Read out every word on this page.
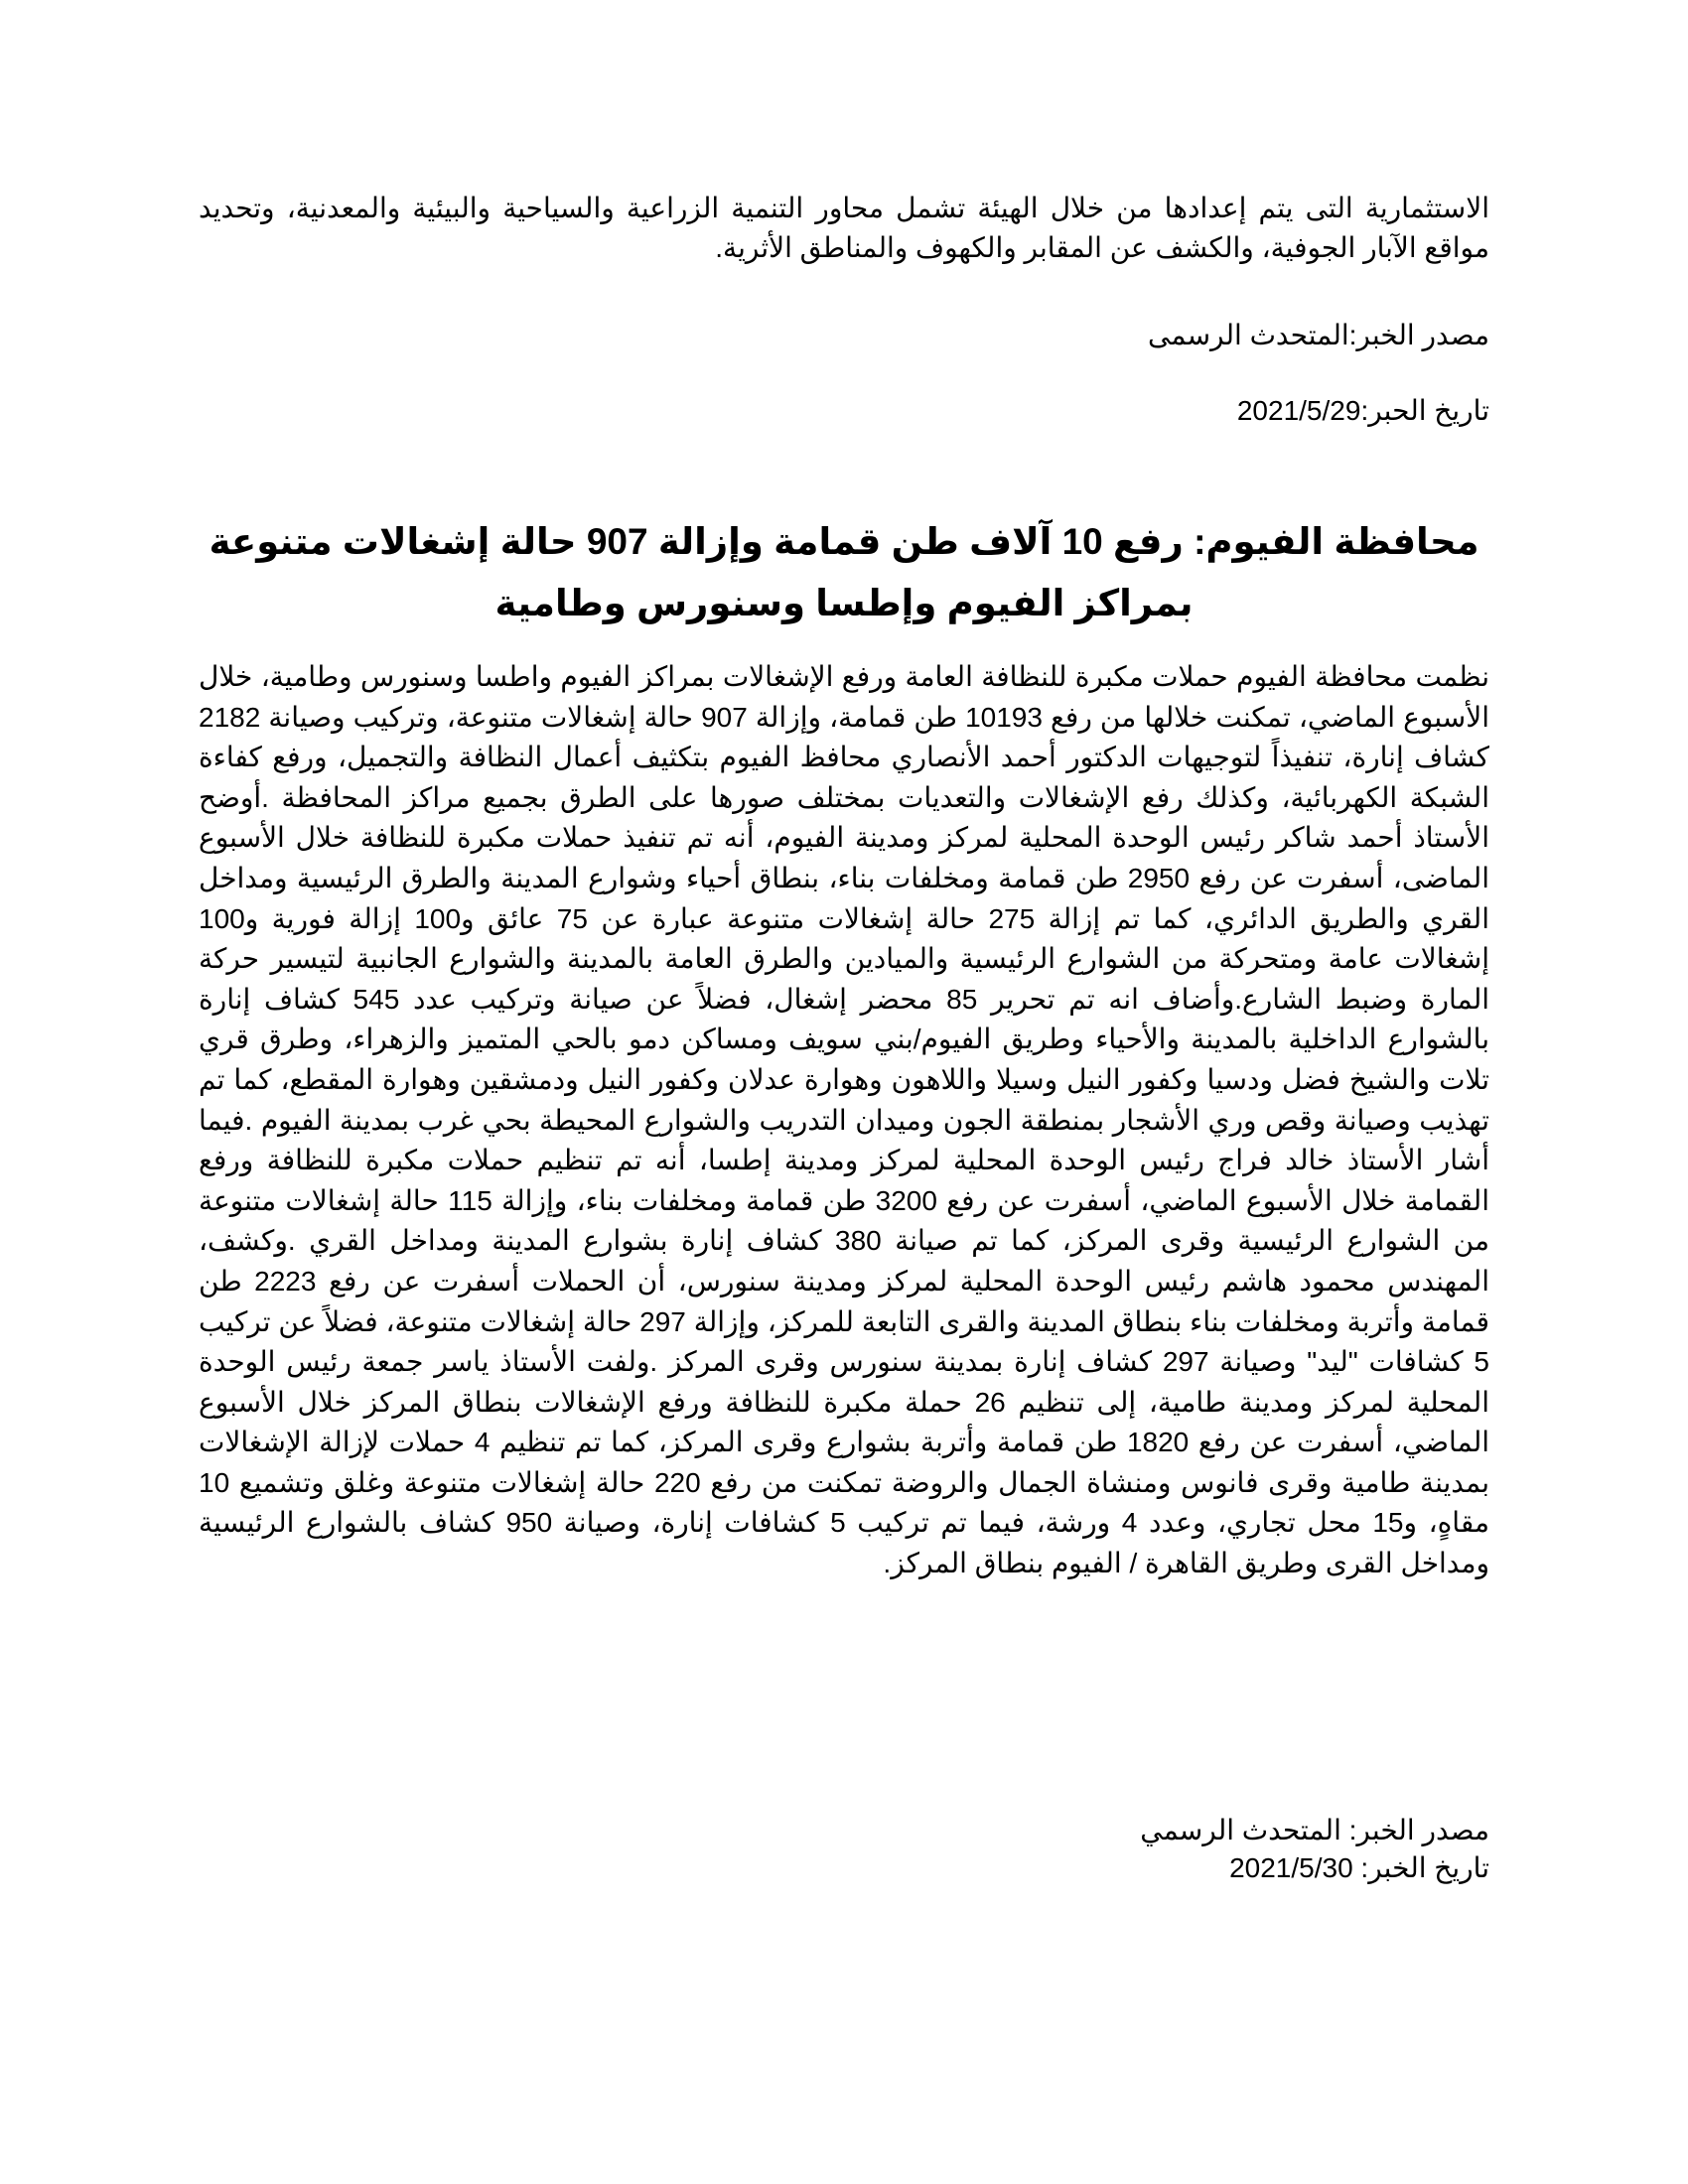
الاستثمارية التى يتم إعدادها من خلال الهيئة تشمل محاور التنمية الزراعية والسياحية والبيئية والمعدنية، وتحديد مواقع الآبار الجوفية، والكشف عن المقابر والكهوف والمناطق الأثرية.

مصدر الخبر:المتحدث الرسمى

تاريخ الحبر:2021/5/29

محافظة الفيوم: رفع 10 آلاف طن قمامة وإزالة 907 حالة إشغالات متنوعة بمراكز الفيوم وإطسا وسنورس وطامية

نظمت محافظة الفيوم حملات مكبرة للنظافة العامة ورفع الإشغالات بمراكز الفيوم واطسا وسنورس وطامية، خلال الأسبوع الماضي، تمكنت خلالها من رفع 10193 طن قمامة، وإزالة 907 حالة إشغالات متنوعة، وتركيب وصيانة 2182 كشاف إنارة، تنفيذاً لتوجيهات الدكتور أحمد الأنصاري محافظ الفيوم بتكثيف أعمال النظافة والتجميل، ورفع كفاءة الشبكة الكهربائية، وكذلك رفع الإشغالات والتعديات بمختلف صورها على الطرق بجميع مراكز المحافظة .أوضح الأستاذ أحمد شاكر رئيس الوحدة المحلية لمركز ومدينة الفيوم، أنه تم تنفيذ حملات مكبرة للنظافة خلال الأسبوع الماضى، أسفرت عن رفع 2950 طن قمامة ومخلفات بناء، بنطاق أحياء وشوارع المدينة والطرق الرئيسية ومداخل القري والطريق الدائري، كما تم إزالة 275 حالة إشغالات متنوعة عبارة عن 75 عائق و100 إزالة فورية و100 إشغالات عامة ومتحركة من الشوارع الرئيسية والميادين والطرق العامة بالمدينة والشوارع الجانبية لتيسير حركة المارة وضبط الشارع.وأضاف انه تم تحرير 85 محضر إشغال، فضلاً عن صيانة وتركيب عدد 545 كشاف إنارة بالشوارع الداخلية بالمدينة والأحياء وطريق الفيوم/بني سويف ومساكن دمو بالحي المتميز والزهراء، وطرق قري تلات والشيخ فضل ودسيا وكفور النيل وسيلا واللاهون وهوارة عدلان وكفور النيل ودمشقين وهوارة المقطع، كما تم تهذيب وصيانة وقص وري الأشجار بمنطقة الجون وميدان التدريب والشوارع المحيطة بحي غرب بمدينة الفيوم .فيما أشار الأستاذ خالد فراج رئيس الوحدة المحلية لمركز ومدينة إطسا، أنه تم تنظيم حملات مكبرة للنظافة ورفع القمامة خلال الأسبوع الماضي، أسفرت عن رفع 3200 طن قمامة ومخلفات بناء، وإزالة 115 حالة إشغالات متنوعة من الشوارع الرئيسية وقرى المركز، كما تم صيانة 380 كشاف إنارة بشوارع المدينة ومداخل القري .وكشف، المهندس محمود هاشم رئيس الوحدة المحلية لمركز ومدينة سنورس، أن الحملات أسفرت عن رفع 2223 طن قمامة وأتربة ومخلفات بناء بنطاق المدينة والقرى التابعة للمركز، وإزالة 297 حالة إشغالات متنوعة، فضلاً عن تركيب 5 كشافات "ليد" وصيانة 297 كشاف إنارة بمدينة سنورس وقرى المركز .ولفت الأستاذ ياسر جمعة رئيس الوحدة المحلية لمركز ومدينة طامية، إلى تنظيم 26 حملة مكبرة للنظافة ورفع الإشغالات بنطاق المركز خلال الأسبوع الماضي، أسفرت عن رفع 1820 طن قمامة وأتربة بشوارع وقرى المركز، كما تم تنظيم 4 حملات لإزالة الإشغالات بمدينة طامية وقرى فانوس ومنشاة الجمال والروضة تمكنت من رفع 220 حالة إشغالات متنوعة وغلق وتشميع 10 مقاهٍ، و15 محل تجاري، وعدد 4 ورشة، فيما تم تركيب 5 كشافات إنارة، وصيانة 950 كشاف بالشوارع الرئيسية ومداخل القرى وطريق القاهرة / الفيوم بنطاق المركز.

مصدر الخبر: المتحدث الرسمي

تاريخ الخبر: 2021/5/30
